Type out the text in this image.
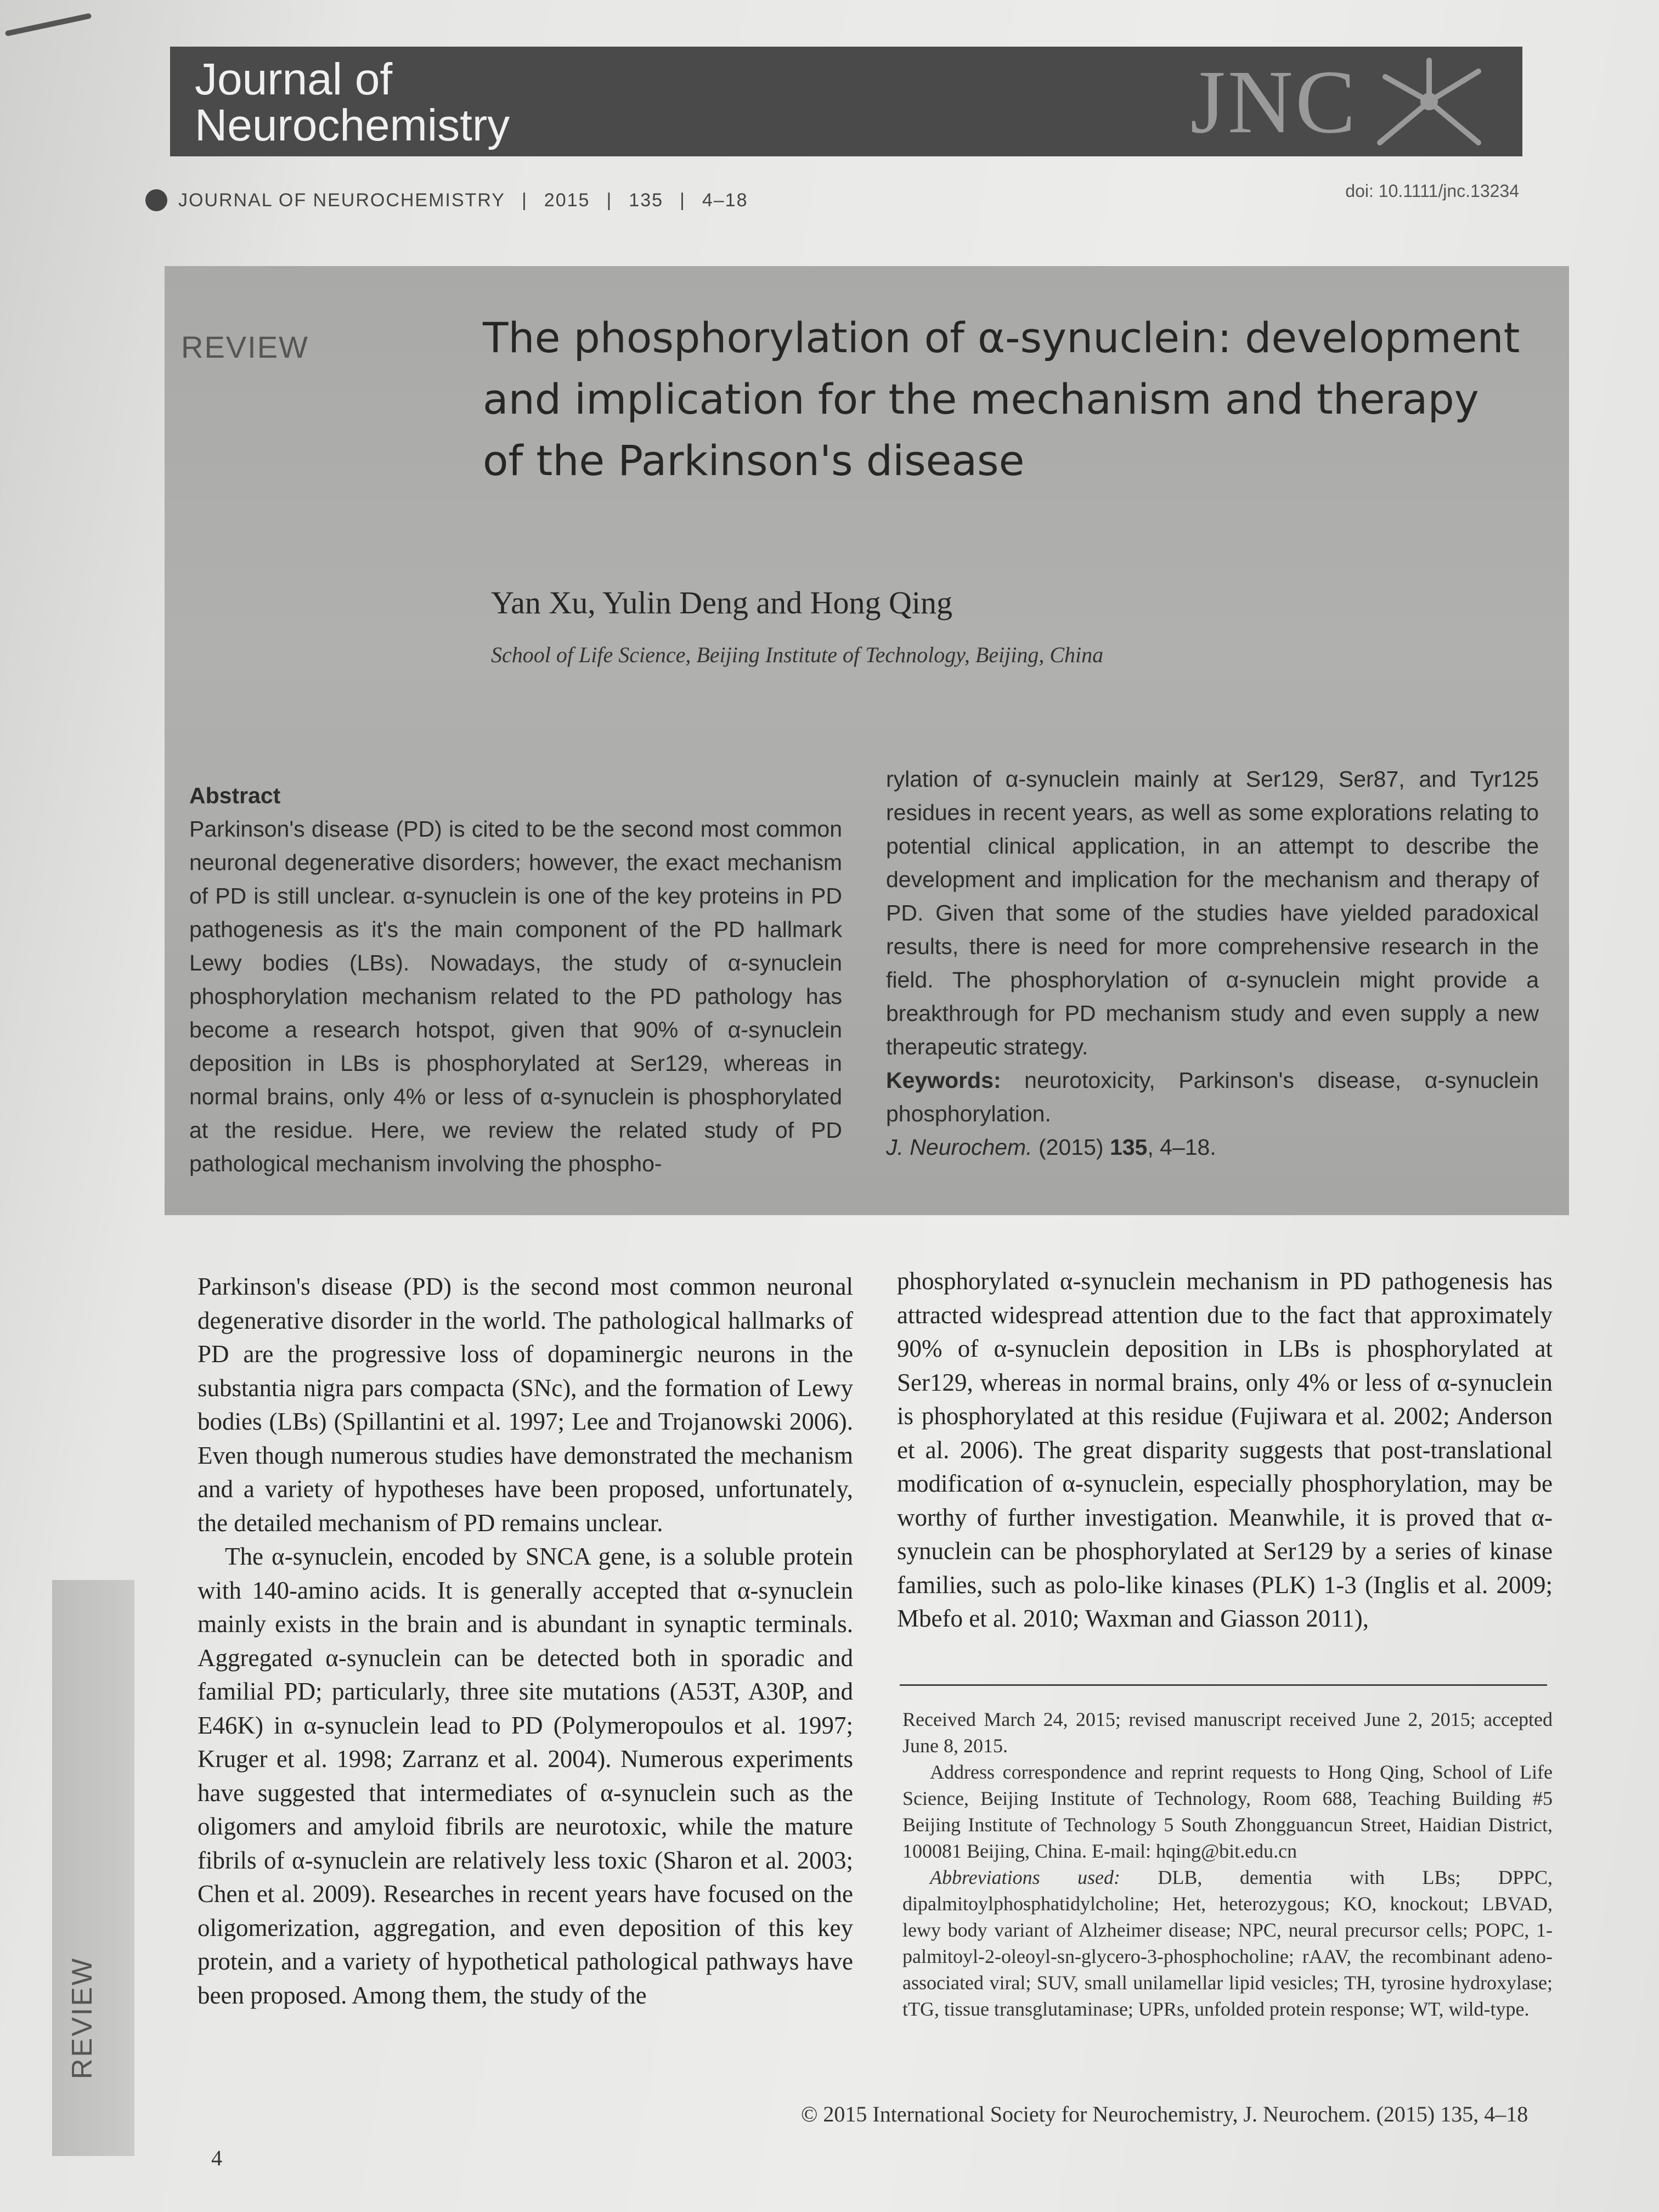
Journal of
Neurochemistry	JNC
JOURNAL OF NEUROCHEMISTRY | 2015 | 135 | 4–18	doi: 10.1111/jnc.13234
REVIEW	The phosphorylation of α-synuclein: development and implication for the mechanism and therapy of the Parkinson's disease
Yan Xu, Yulin Deng and Hong Qing
School of Life Science, Beijing Institute of Technology, Beijing, China
Abstract
Parkinson's disease (PD) is cited to be the second most common neuronal degenerative disorders; however, the exact mechanism of PD is still unclear. α-synuclein is one of the key proteins in PD pathogenesis as it's the main component of the PD hallmark Lewy bodies (LBs). Nowadays, the study of α-synuclein phosphorylation mechanism related to the PD pathology has become a research hotspot, given that 90% of α-synuclein deposition in LBs is phosphorylated at Ser129, whereas in normal brains, only 4% or less of α-synuclein is phosphorylated at the residue. Here, we review the related study of PD pathological mechanism involving the phospho-
rylation of α-synuclein mainly at Ser129, Ser87, and Tyr125 residues in recent years, as well as some explorations relating to potential clinical application, in an attempt to describe the development and implication for the mechanism and therapy of PD. Given that some of the studies have yielded paradoxical results, there is need for more comprehensive research in the field. The phosphorylation of α-synuclein might provide a breakthrough for PD mechanism study and even supply a new therapeutic strategy.
Keywords: neurotoxicity, Parkinson's disease, α-synuclein phosphorylation.
J. Neurochem. (2015) 135, 4–18.

Parkinson's disease (PD) is the second most common neuronal degenerative disorder in the world. The pathological hallmarks of PD are the progressive loss of dopaminergic neurons in the substantia nigra pars compacta (SNc), and the formation of Lewy bodies (LBs) (Spillantini et al. 1997; Lee and Trojanowski 2006). Even though numerous studies have demonstrated the mechanism and a variety of hypotheses have been proposed, unfortunately, the detailed mechanism of PD remains unclear.

The α-synuclein, encoded by SNCA gene, is a soluble protein with 140-amino acids. It is generally accepted that α-synuclein mainly exists in the brain and is abundant in synaptic terminals. Aggregated α-synuclein can be detected both in sporadic and familial PD; particularly, three site mutations (A53T, A30P, and E46K) in α-synuclein lead to PD (Polymeropoulos et al. 1997; Kruger et al. 1998; Zarranz et al. 2004). Numerous experiments have suggested that intermediates of α-synuclein such as the oligomers and amyloid fibrils are neurotoxic, while the mature fibrils of α-synuclein are relatively less toxic (Sharon et al. 2003; Chen et al. 2009). Researches in recent years have focused on the oligomerization, aggregation, and even deposition of this key protein, and a variety of hypothetical pathological pathways have been proposed. Among them, the study of the

phosphorylated α-synuclein mechanism in PD pathogenesis has attracted widespread attention due to the fact that approximately 90% of α-synuclein deposition in LBs is phosphorylated at Ser129, whereas in normal brains, only 4% or less of α-synuclein is phosphorylated at this residue (Fujiwara et al. 2002; Anderson et al. 2006). The great disparity suggests that post-translational modification of α-synuclein, especially phosphorylation, may be worthy of further investigation. Meanwhile, it is proved that α-synuclein can be phosphorylated at Ser129 by a series of kinase families, such as polo-like kinases (PLK) 1-3 (Inglis et al. 2009; Mbefo et al. 2010; Waxman and Giasson 2011),

Received March 24, 2015; revised manuscript received June 2, 2015; accepted June 8, 2015.

Address correspondence and reprint requests to Hong Qing, School of Life Science, Beijing Institute of Technology, Room 688, Teaching Building #5 Beijing Institute of Technology 5 South Zhongguancun Street, Haidian District, 100081 Beijing, China. E-mail: hqing@bit.edu.cn

Abbreviations used: DLB, dementia with LBs; DPPC, dipalmitoylphosphatidylcholine; Het, heterozygous; KO, knockout; LBVAD, lewy body variant of Alzheimer disease; NPC, neural precursor cells; POPC, 1-palmitoyl-2-oleoyl-sn-glycero-3-phosphocholine; rAAV, the recombinant adeno-associated viral; SUV, small unilamellar lipid vesicles; TH, tyrosine hydroxylase; tTG, tissue transglutaminase; UPRs, unfolded protein response; WT, wild-type.

REVIEW
4
© 2015 International Society for Neurochemistry, J. Neurochem. (2015) 135, 4–18
